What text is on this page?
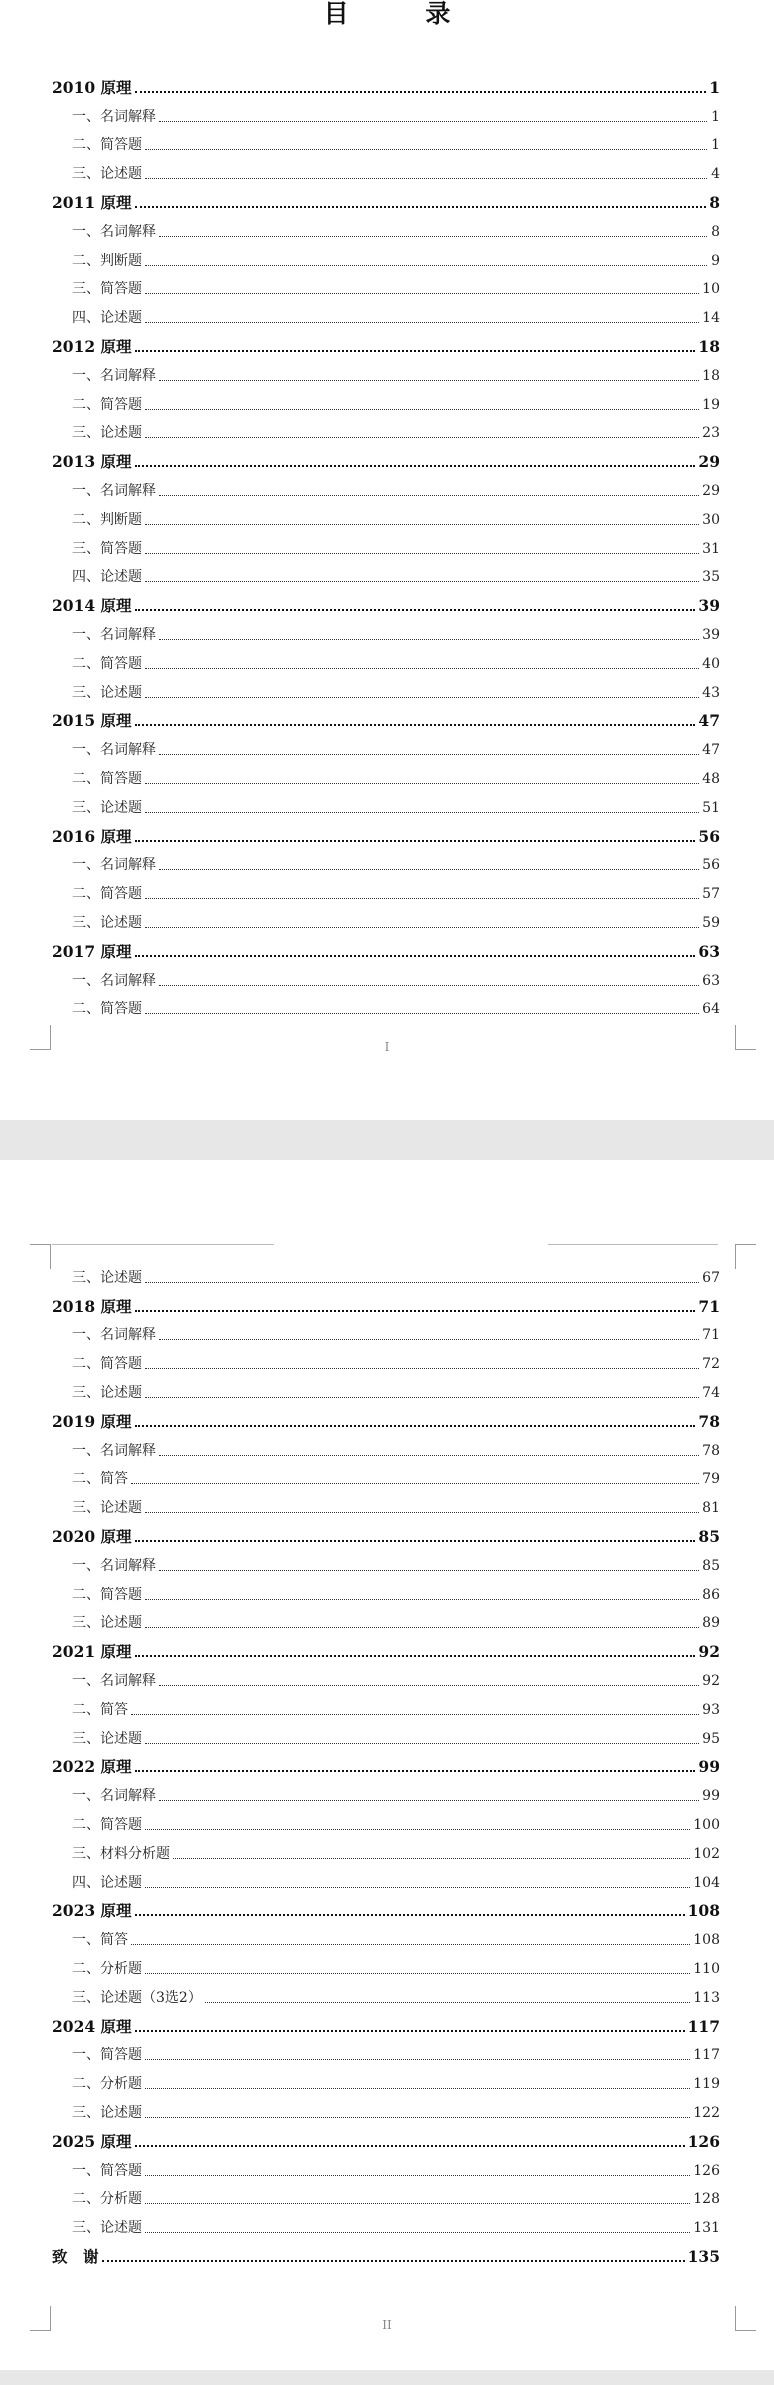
目 录
2010 原理	1
一、名词解释	1
二、简答题	1
三、论述题	4
2011 原理	8
一、名词解释	8
二、判断题	9
三、简答题	10
四、论述题	14
2012 原理	18
一、名词解释	18
二、简答题	19
三、论述题	23
2013 原理	29
一、名词解释	29
二、判断题	30
三、简答题	31
四、论述题	35
2014 原理	39
一、名词解释	39
二、简答题	40
三、论述题	43
2015 原理	47
一、名词解释	47
二、简答题	48
三、论述题	51
2016 原理	56
一、名词解释	56
二、简答题	57
三、论述题	59
2017 原理	63
一、名词解释	63
二、简答题	64
I
三、论述题	67
2018 原理	71
一、名词解释	71
二、简答题	72
三、论述题	74
2019 原理	78
一、名词解释	78
二、简答	79
三、论述题	81
2020 原理	85
一、名词解释	85
二、简答题	86
三、论述题	89
2021 原理	92
一、名词解释	92
二、简答	93
三、论述题	95
2022 原理	99
一、名词解释	99
二、简答题	100
三、材料分析题	102
四、论述题	104
2023 原理	108
一、简答	108
二、分析题	110
三、论述题（3选2）	113
2024 原理	117
一、简答题	117
二、分析题	119
三、论述题	122
2025 原理	126
一、简答题	126
二、分析题	128
三、论述题	131
致　谢	135
II
